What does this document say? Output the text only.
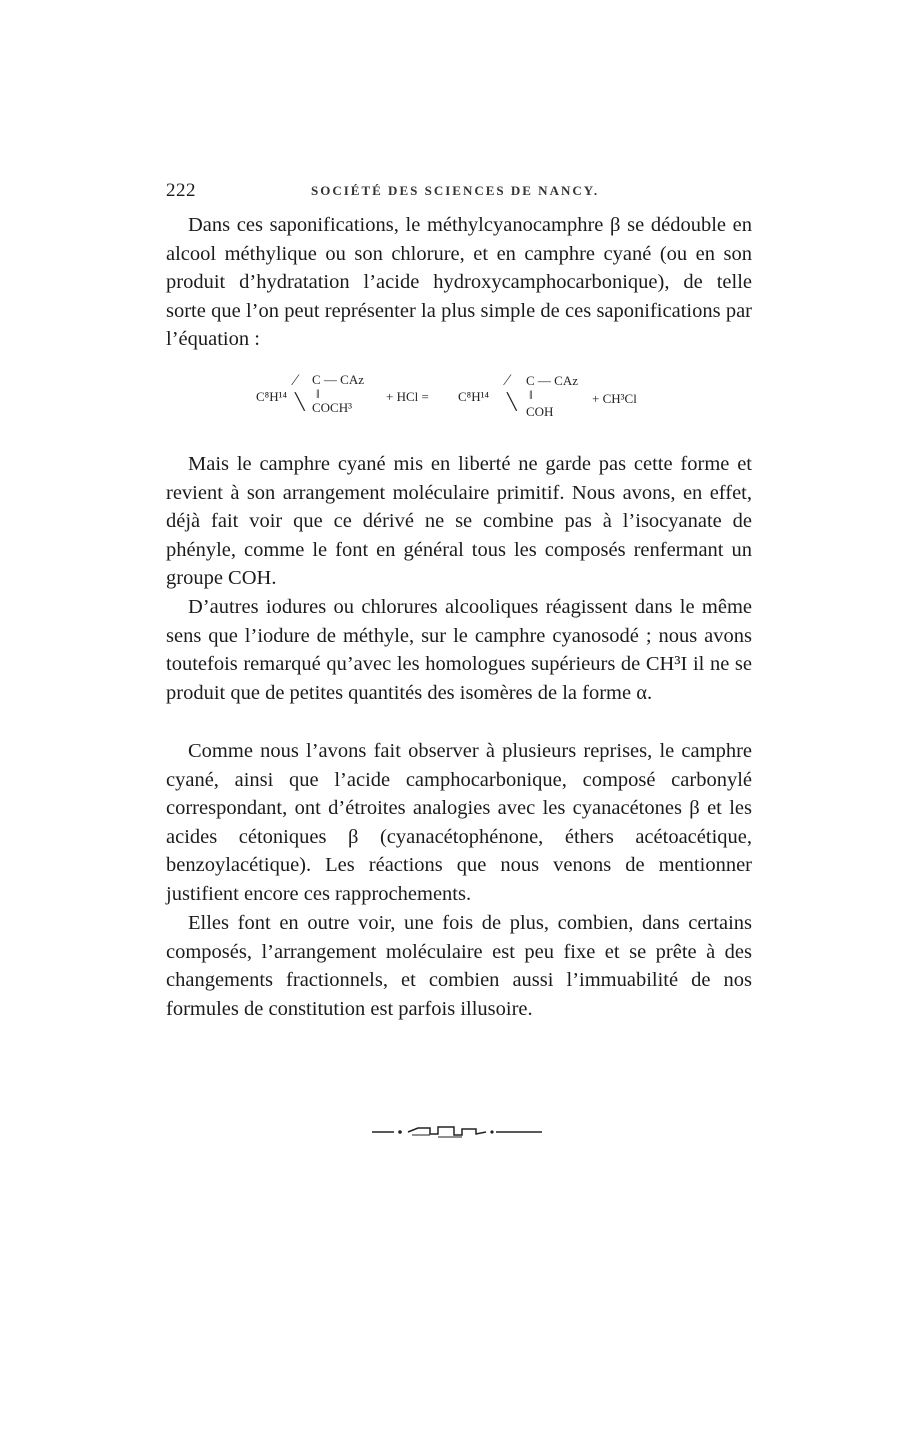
222	SOCIÉTÉ DES SCIENCES DE NANCY.

Dans ces saponifications, le méthylcyanocamphre β se dédouble en alcool méthylique ou son chlorure, et en camphre cyané (ou en son produit d’hydratation l’acide hydroxycamphocarbonique), de telle sorte que l’on peut représenter la plus simple de ces saponifications par l’équation :

C⁸H¹⁴
⁄
╲
C — CAz
‖
COCH³
+ HCl = C⁸H¹⁴
⁄
╲
C — CAz
‖
COH
+ CH³Cl

Mais le camphre cyané mis en liberté ne garde pas cette forme et revient à son arrangement moléculaire primitif. Nous avons, en effet, déjà fait voir que ce dérivé ne se combine pas à l’isocyanate de phényle, comme le font en général tous les composés renfermant un groupe COH.

D’autres iodures ou chlorures alcooliques réagissent dans le même sens que l’iodure de méthyle, sur le camphre cyanosodé ; nous avons toutefois remarqué qu’avec les homologues supérieurs de CH³I il ne se produit que de petites quantités des isomères de la forme α.

Comme nous l’avons fait observer à plusieurs reprises, le camphre cyané, ainsi que l’acide camphocarbonique, composé carbonylé correspondant, ont d’étroites analogies avec les cyanacétones β et les acides cétoniques β (cyanacétophénone, éthers acétoacétique, benzoylacétique). Les réactions que nous venons de mentionner justifient encore ces rapprochements.

Elles font en outre voir, une fois de plus, combien, dans certains composés, l’arrangement moléculaire est peu fixe et se prête à des changements fractionnels, et combien aussi l’immuabilité de nos formules de constitution est parfois illusoire.
